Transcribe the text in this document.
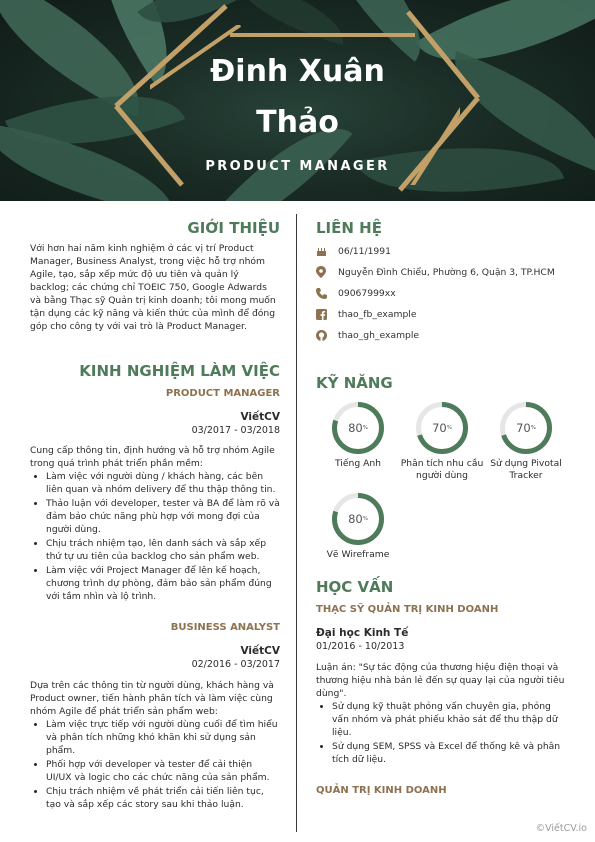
Đinh Xuân
Thảo
PRODUCT MANAGER
GIỚI THIỆU

Với hơn hai năm kinh nghiệm ở các vị trí Product Manager, Business Analyst, trong việc hỗ trợ nhóm Agile, tạo, sắp xếp mức độ ưu tiên và quản lý backlog; các chứng chỉ TOEIC 750, Google Adwards và bằng Thạc sỹ Quản trị kinh doanh; tôi mong muốn tận dụng các kỹ năng và kiến thức của mình để đóng góp cho công ty với vai trò là Product Manager.

KINH NGHIỆM LÀM VIỆC
PRODUCT MANAGER
ViếtCV
03/2017 - 03/2018

Cung cấp thông tin, định hướng và hỗ trợ nhóm Agile trong quá trình phát triển phần mềm:

• Làm việc với người dùng / khách hàng, các bên liên quan và nhóm delivery để thu thập thông tin.
• Thảo luận với developer, tester và BA để làm rõ và đảm bảo chức năng phù hợp với mong đợi của người dùng.
• Chịu trách nhiệm tạo, lên danh sách và sắp xếp thứ tự ưu tiên của backlog cho sản phẩm web.
• Làm việc với Project Manager để lên kế hoạch, chương trình dự phòng, đảm bảo sản phẩm đúng với tầm nhìn và lộ trình.
BUSINESS ANALYST
ViếtCV
02/2016 - 03/2017

Dựa trên các thông tin từ người dùng, khách hàng và Product owner, tiến hành phân tích và làm việc cùng nhóm Agile để phát triển sản phẩm web:

• Làm việc trực tiếp với người dùng cuối để tìm hiểu và phân tích những khó khăn khi sử dụng sản phẩm.
• Phối hợp với developer và tester để cải thiện UI/UX và logic cho các chức năng của sản phẩm.
• Chịu trách nhiệm về phát triển cải tiến liên tục, tạo và sắp xếp các story sau khi thảo luận.
LIÊN HỆ
06/11/1991
Nguyễn Đình Chiểu, Phường 6, Quận 3, TP.HCM
09067999xx
thao_fb_example
thao_gh_example
KỸ NĂNG
80 %
Tiếng Anh
70 %
Phân tích nhu cầu người dùng
70 %
Sử dụng Pivotal Tracker
80 %
Vẽ Wireframe
HỌC VẤN
THẠC SỸ QUẢN TRỊ KINH DOANH
Đại học Kinh Tế
01/2016 - 10/2013

Luận án: "Sự tác động của thương hiệu điện thoại và thương hiệu nhà bán lẻ đến sự quay lại của người tiêu dùng".

• Sử dụng kỹ thuật phỏng vấn chuyên gia, phỏng vấn nhóm và phát phiếu khảo sát để thu thập dữ liệu.
• Sử dụng SEM, SPSS và Excel để thống kê và phân tích dữ liệu.
QUẢN TRỊ KINH DOANH
©ViếtCV.io
